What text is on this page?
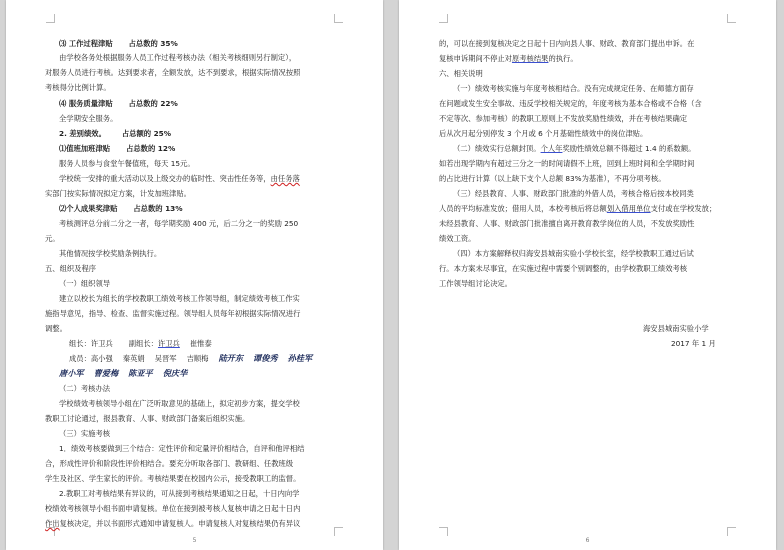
⑶ 工作过程津贴 占总数的 35%
由学校各务处根据服务人员工作过程考核办法（相关考核细则另行制定），
对服务人员进行考核。达到要求者，全额发放，达不到要求，根据实际情况按照
考核得分比例计算。
⑷ 服务质量津贴 占总数的 22%
全学期安全服务。
2. 差别绩效。 占总额的 25%
⑴值班加班津贴 占总数的 12%
服务人员参与食堂午餐值班，每天 15元。
学校统一安排的重大活动以及上级交办的临时性、突击性任务等，由任务落
实部门按实际情况拟定方案，计发加班津贴。
⑵个人成果奖津贴 占总数的 13%
考核测评总分前二分之一者，每学期奖励 400 元，后二分之一的奖励 250
元。
其他情况按学校奖励条例执行。
五、组织及程序
（一）组织领导
建立以校长为组长的学校教职工绩效考核工作领导组，制定绩效考核工作实
施指导意见，指导、检查、监督实施过程。领导组人员每年初根据实际情况进行
调整。
组长：许卫兵 副组长：许卫兵 崔惟泰
成员：高小强 秦英娟 吴晋军 吉顺梅 陆开东 谭俊秀 孙桂军
唐小军 曹爱梅 陈亚平 倪庆华
（二）考核办法
学校绩效考核领导小组在广泛听取意见的基础上，拟定初步方案，提交学校
教职工讨论通过，报县教育、人事、财政部门备案后组织实施。
（三）实施考核
1．绩效考核要做到三个结合：定性评价和定量评价相结合，自评和他评相结
合，形成性评价和阶段性评价相结合。要充分听取各部门、教研组、任教班级
学生及社区、学生家长的评价。考核结果要在校园内公示，接受教职工的监督。
2.教职工对考核结果有异议的，可从接到考核结果通知之日起，十日内向学
校绩效考核领导小组书面申请复核。单位在接到被考核人复核申请之日起十日内
作出复核决定，并以书面形式通知申请复核人。申请复核人对复核结果仍有异议
5
的，可以在接到复核决定之日起十日内向县人事、财政、教育部门提出申诉。在
复核申诉期间不停止对原考核结果的执行。
六、相关说明
（一）绩效考核实施与年度考核相结合。没有完成规定任务、在师德方面存
在问题或发生安全事故、违反学校相关规定的，年度考核为基本合格或不合格（含
不定等次、参加考核）的教职工原则上不发放奖励性绩效，并在考核结果确定
后从次月起分别停发 3 个月或 6 个月基础性绩效中的岗位津贴。
（二）绩效实行总额封顶。个人年奖励性绩效总额不得超过 1.4 的系数额。
如若出现学期内有超过三分之一的时间请假不上班，回到上班时间和全学期时间
的占比进行计算（以上缺下支个人总额 83%为基准），不再分项考核。
（三）经县教育、人事、财政部门批准的外借人员，考核合格后按本校同类
人员的平均标准发放；借用人员，本校考核后将总额划入借用单位支付或在学校发放；
未经县教育、人事、财政部门批准擅自离开教育教学岗位的人员，不发放奖励性
绩效工资。
（四）本方案解释权归海安县城南实验小学校长室，经学校教职工通过后试
行。本方案未尽事宜，在实施过程中需要个别调整的，由学校教职工绩效考核
工作领导组讨论决定。
海安县城南实验小学
2017 年 1 月
6
